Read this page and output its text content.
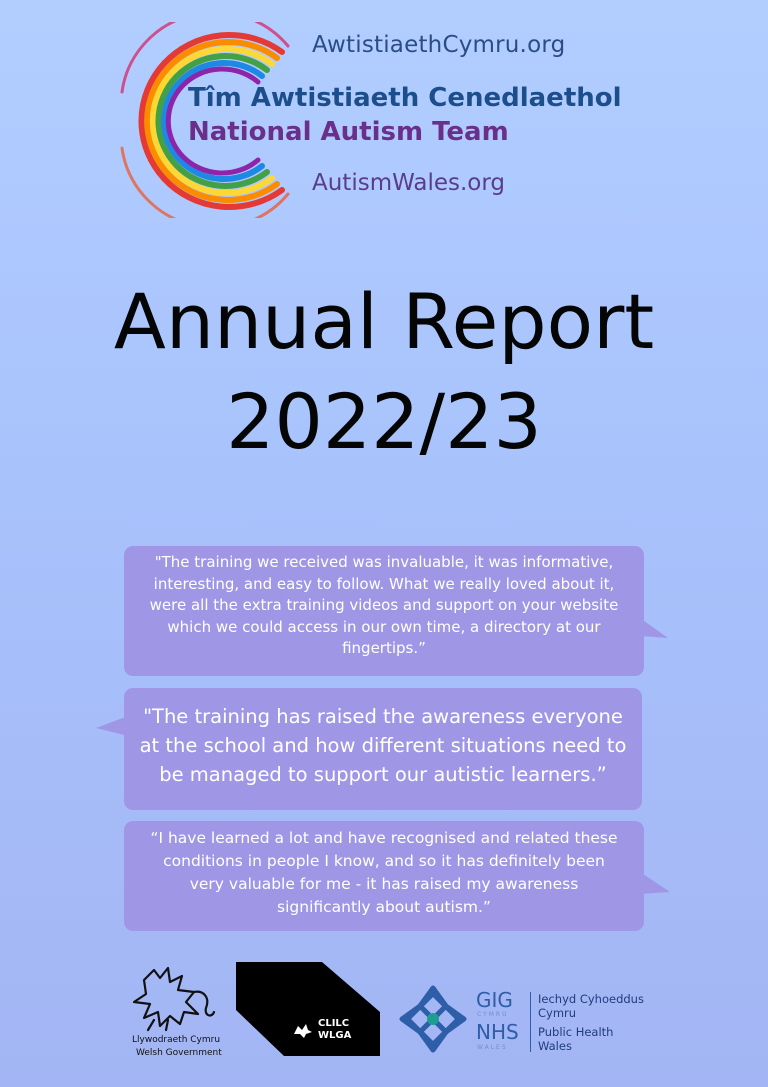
AwtistiaethCymru.org
Tîm Awtistiaeth Cenedlaethol
National Autism Team
AutismWales.org
Annual Report
2022/23

"The training we received was invaluable, it was informative,

interesting, and easy to follow. What we really loved about it,

were all the extra training videos and support on your website

which we could access in our own time, a directory at our

fingertips.”

"The training has raised the awareness everyone

at the school and how different situations need to

be managed to support our autistic learners.”

“I have learned a lot and have recognised and related these

conditions in people I know, and so it has definitely been

very valuable for me - it has raised my awareness

significantly about autism.”

Llywodraeth Cymru
Welsh Government
CLILC
WLGA
GIG
CYMRU
NHS
WALES
Iechyd Cyhoeddus
Cymru
Public Health
Wales
